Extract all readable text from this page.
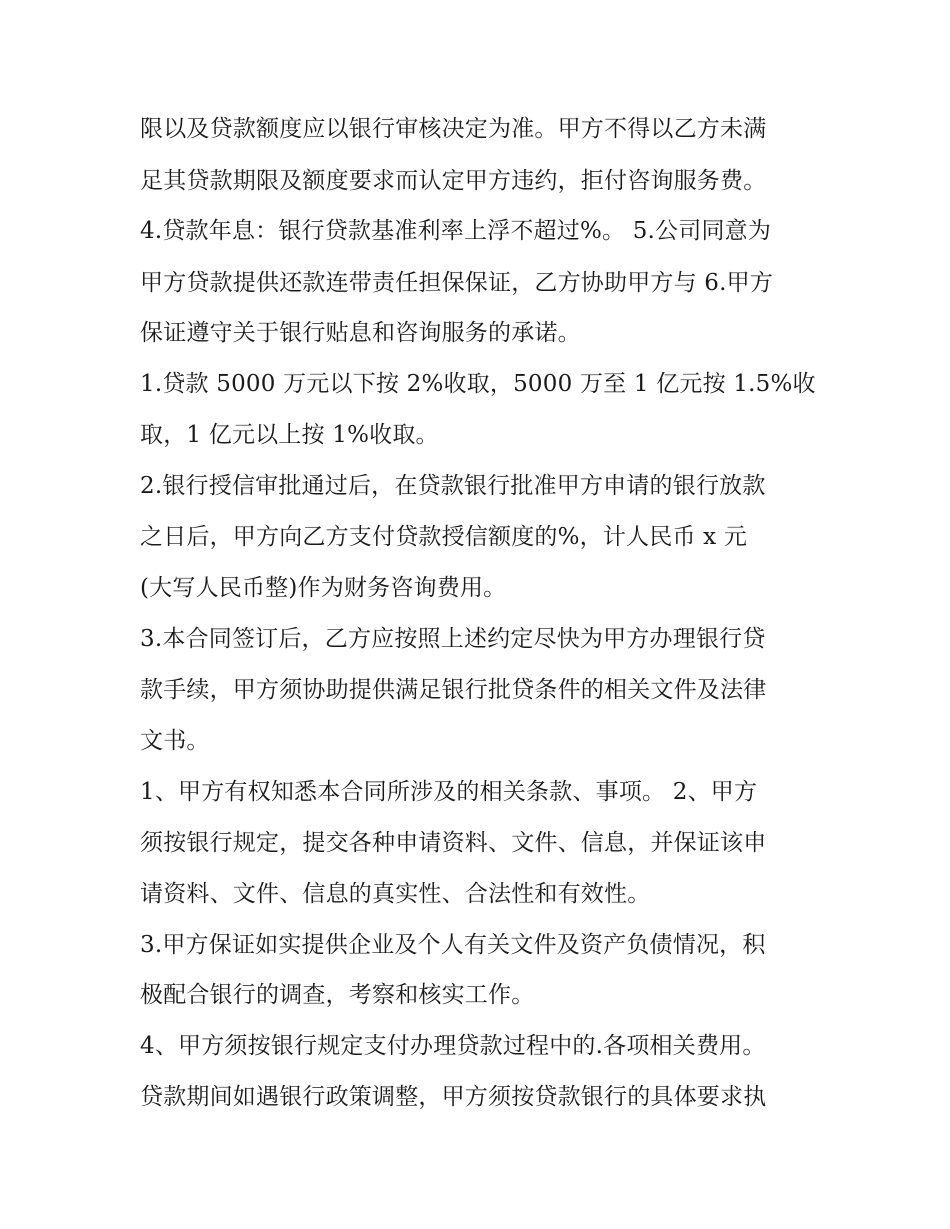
限以及贷款额度应以银行审核决定为准。甲方不得以乙方未满
足其贷款期限及额度要求而认定甲方违约，拒付咨询服务费。
4.贷款年息：银行贷款基准利率上浮不超过%。 5.公司同意为
甲方贷款提供还款连带责任担保保证，乙方协助甲方与 6.甲方
保证遵守关于银行贴息和咨询服务的承诺。
1.贷款 5000 万元以下按 2%收取，5000 万至 1 亿元按 1.5%收
取，1 亿元以上按 1%收取。
2.银行授信审批通过后，在贷款银行批准甲方申请的银行放款
之日后，甲方向乙方支付贷款授信额度的%，计人民币 x 元
(大写人民币整)作为财务咨询费用。
3.本合同签订后，乙方应按照上述约定尽快为甲方办理银行贷
款手续，甲方须协助提供满足银行批贷条件的相关文件及法律
文书。
1、甲方有权知悉本合同所涉及的相关条款、事项。 2、甲方
须按银行规定，提交各种申请资料、文件、信息，并保证该申
请资料、文件、信息的真实性、合法性和有效性。
3.甲方保证如实提供企业及个人有关文件及资产负债情况，积
极配合银行的调查，考察和核实工作。
4、甲方须按银行规定支付办理贷款过程中的.各项相关费用。
贷款期间如遇银行政策调整，甲方须按贷款银行的具体要求执
